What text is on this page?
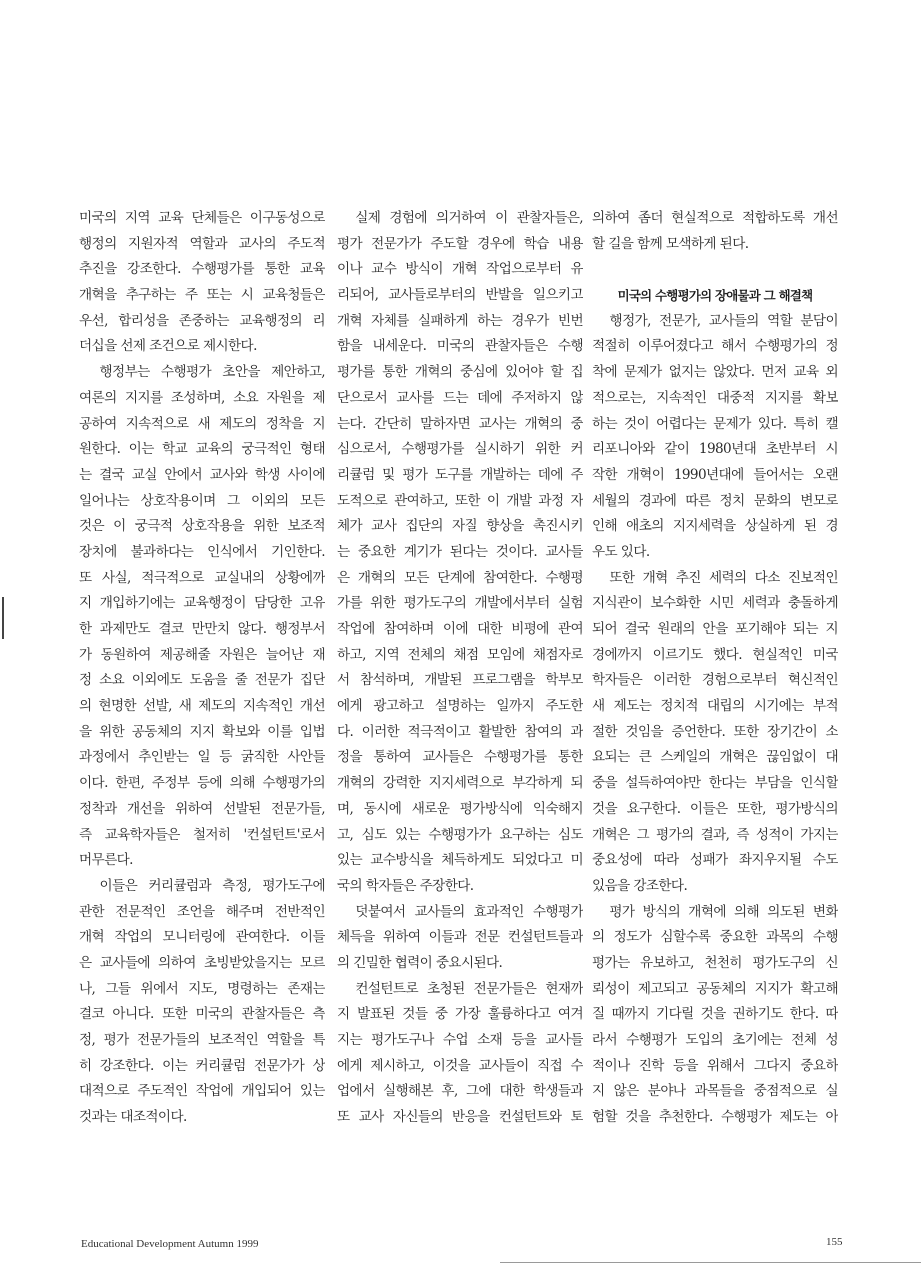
미국의 지역 교육 단체들은 이구동성으로
행정의 지원자적 역할과 교사의 주도적
추진을 강조한다. 수행평가를 통한 교육
개혁을 추구하는 주 또는 시 교육청들은
우선, 합리성을 존중하는 교육행정의 리
더십을 선제 조건으로 제시한다.
　행정부는 수행평가 초안을 제안하고,
여론의 지지를 조성하며, 소요 자원을 제
공하여 지속적으로 새 제도의 정착을 지
원한다. 이는 학교 교육의 궁극적인 형태
는 결국 교실 안에서 교사와 학생 사이에
일어나는 상호작용이며 그 이외의 모든
것은 이 궁극적 상호작용을 위한 보조적
장치에 불과하다는 인식에서 기인한다.
또 사실, 적극적으로 교실내의 상황에까
지 개입하기에는 교육행정이 담당한 고유
한 과제만도 결코 만만치 않다. 행정부서
가 동원하여 제공해줄 자원은 늘어난 재
정 소요 이외에도 도움을 줄 전문가 집단
의 현명한 선발, 새 제도의 지속적인 개선
을 위한 공동체의 지지 확보와 이를 입법
과정에서 추인받는 일 등 굵직한 사안들
이다. 한편, 주정부 등에 의해 수행평가의
정착과 개선을 위하여 선발된 전문가들,
즉 교육학자들은 철저히 '컨설턴트'로서
머무른다.
　이들은 커리큘럼과 측정, 평가도구에
관한 전문적인 조언을 해주며 전반적인
개혁 작업의 모니터링에 관여한다. 이들
은 교사들에 의하여 초빙받았을지는 모르
나, 그들 위에서 지도, 명령하는 존재는
결코 아니다. 또한 미국의 관찰자들은 측
정, 평가 전문가들의 보조적인 역할을 특
히 강조한다. 이는 커리큘럼 전문가가 상
대적으로 주도적인 작업에 개입되어 있는
것과는 대조적이다.
　실제 경험에 의거하여 이 관찰자들은,
평가 전문가가 주도할 경우에 학습 내용
이나 교수 방식이 개혁 작업으로부터 유
리되어, 교사들로부터의 반발을 일으키고
개혁 자체를 실패하게 하는 경우가 빈번
함을 내세운다. 미국의 관찰자들은 수행
평가를 통한 개혁의 중심에 있어야 할 집
단으로서 교사를 드는 데에 주저하지 않
는다. 간단히 말하자면 교사는 개혁의 중
심으로서, 수행평가를 실시하기 위한 커
리큘럼 및 평가 도구를 개발하는 데에 주
도적으로 관여하고, 또한 이 개발 과정 자
체가 교사 집단의 자질 향상을 촉진시키
는 중요한 계기가 된다는 것이다. 교사들
은 개혁의 모든 단계에 참여한다. 수행평
가를 위한 평가도구의 개발에서부터 실험
작업에 참여하며 이에 대한 비평에 관여
하고, 지역 전체의 채점 모임에 채점자로
서 참석하며, 개발된 프로그램을 학부모
에게 광고하고 설명하는 일까지 주도한
다. 이러한 적극적이고 활발한 참여의 과
정을 통하여 교사들은 수행평가를 통한
개혁의 강력한 지지세력으로 부각하게 되
며, 동시에 새로운 평가방식에 익숙해지
고, 심도 있는 수행평가가 요구하는 심도
있는 교수방식을 체득하게도 되었다고 미
국의 학자들은 주장한다.
　덧붙여서 교사들의 효과적인 수행평가
체득을 위하여 이들과 전문 컨설턴트들과
의 긴밀한 협력이 중요시된다.
　컨설턴트로 초청된 전문가들은 현재까
지 발표된 것들 중 가장 훌륭하다고 여겨
지는 평가도구나 수업 소재 등을 교사들
에게 제시하고, 이것을 교사들이 직접 수
업에서 실행해본 후, 그에 대한 학생들과
또 교사 자신들의 반응을 컨설턴트와 토
의하여 좀더 현실적으로 적합하도록 개선
할 길을 함께 모색하게 된다.
미국의 수행평가의 장애물과 그 해결책
　행정가, 전문가, 교사들의 역할 분담이
적절히 이루어졌다고 해서 수행평가의 정
착에 문제가 없지는 않았다. 먼저 교육 외
적으로는, 지속적인 대중적 지지를 확보
하는 것이 어렵다는 문제가 있다. 특히 캘
리포니아와 같이 1980년대 초반부터 시
작한 개혁이 1990년대에 들어서는 오랜
세월의 경과에 따른 정치 문화의 변모로
인해 애초의 지지세력을 상실하게 된 경
우도 있다.
　또한 개혁 추진 세력의 다소 진보적인
지식관이 보수화한 시민 세력과 충돌하게
되어 결국 원래의 안을 포기해야 되는 지
경에까지 이르기도 했다. 현실적인 미국
학자들은 이러한 경험으로부터 혁신적인
새 제도는 정치적 대립의 시기에는 부적
절한 것임을 증언한다. 또한 장기간이 소
요되는 큰 스케일의 개혁은 끊임없이 대
중을 설득하여야만 한다는 부담을 인식할
것을 요구한다. 이들은 또한, 평가방식의
개혁은 그 평가의 결과, 즉 성적이 가지는
중요성에 따라 성패가 좌지우지될 수도
있음을 강조한다.
　평가 방식의 개혁에 의해 의도된 변화
의 정도가 심할수록 중요한 과목의 수행
평가는 유보하고, 천천히 평가도구의 신
뢰성이 제고되고 공동체의 지지가 확고해
질 때까지 기다릴 것을 권하기도 한다. 따
라서 수행평가 도입의 초기에는 전체 성
적이나 진학 등을 위해서 그다지 중요하
지 않은 분야나 과목들을 중점적으로 실
험할 것을 추천한다. 수행평가 제도는 아
Educational Development Autumn 1999	155
